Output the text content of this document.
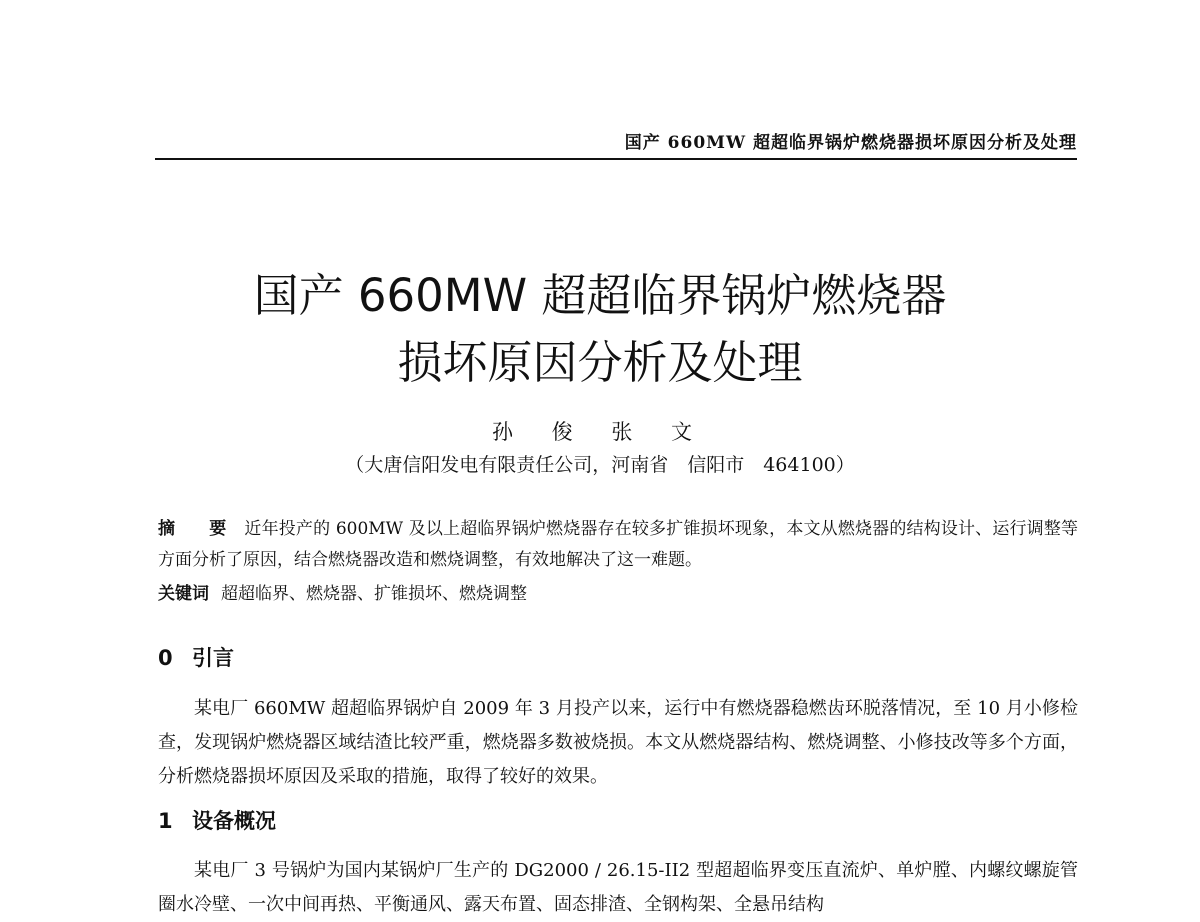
国产 660MW 超超临界锅炉燃烧器损坏原因分析及处理
国产 660MW 超超临界锅炉燃烧器
损坏原因分析及处理
孙 俊 张 文
（大唐信阳发电有限责任公司，河南省　信阳市　464100）
摘 要 近年投产的 600MW 及以上超临界锅炉燃烧器存在较多扩锥损坏现象，本文从燃烧器的结构设计、运行调整等方面分析了原因，结合燃烧器改造和燃烧调整，有效地解决了这一难题。
关键词 超超临界、燃烧器、扩锥损坏、燃烧调整
0 引言
某电厂 660MW 超超临界锅炉自 2009 年 3 月投产以来，运行中有燃烧器稳燃齿环脱落情况，至 10 月小修检查，发现锅炉燃烧器区域结渣比较严重，燃烧器多数被烧损。本文从燃烧器结构、燃烧调整、小修技改等多个方面，分析燃烧器损坏原因及采取的措施，取得了较好的效果。
1 设备概况
某电厂 3 号锅炉为国内某锅炉厂生产的 DG2000 / 26.15-II2 型超超临界变压直流炉、单炉膛、内螺纹螺旋管圈水冷壁、一次中间再热、平衡通风、露天布置、固态排渣、全钢构架、全悬吊结构
